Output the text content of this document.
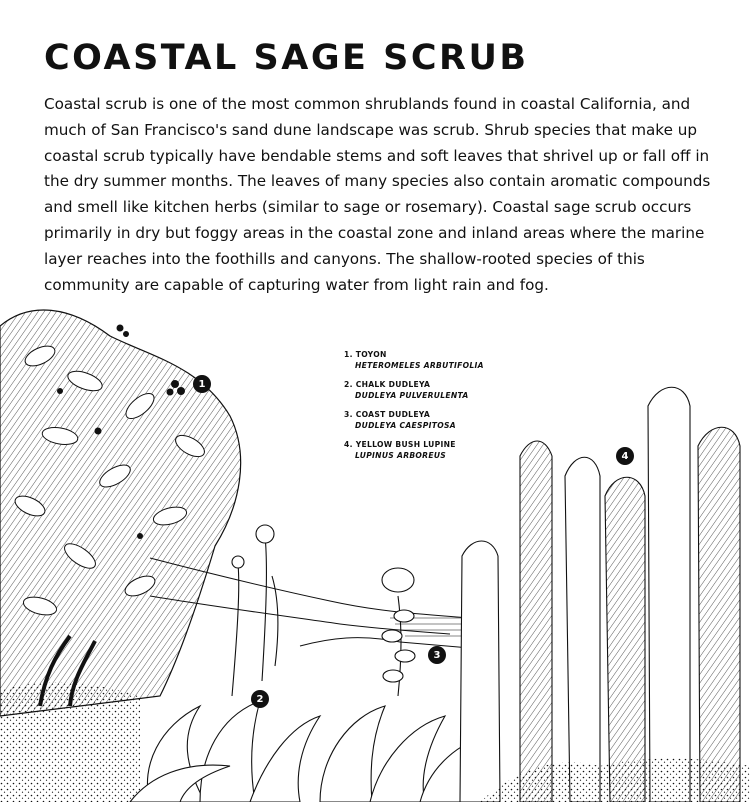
COASTAL SAGE SCRUB

Coastal scrub is one of the most common shrublands found in coastal California, and much of San Francisco's sand dune landscape was scrub. Shrub species that make up coastal scrub typically have bendable stems and soft leaves that shrivel up or fall off in the dry summer months. The leaves of many species also contain aromatic compounds and smell like kitchen herbs (similar to sage or rosemary). Coastal sage scrub occurs primarily in dry but foggy areas in the coastal zone and inland areas where the marine layer reaches into the foothills and canyons. The shallow-rooted species of this community are capable of capturing water from light rain and fog.

1. TOYON
HETEROMELES ARBUTIFOLIA
2. CHALK DUDLEYA
DUDLEYA PULVERULENTA
3. COAST DUDLEYA
DUDLEYA CAESPITOSA
4. YELLOW BUSH LUPINE
LUPINUS ARBOREUS
1
2
3
4
